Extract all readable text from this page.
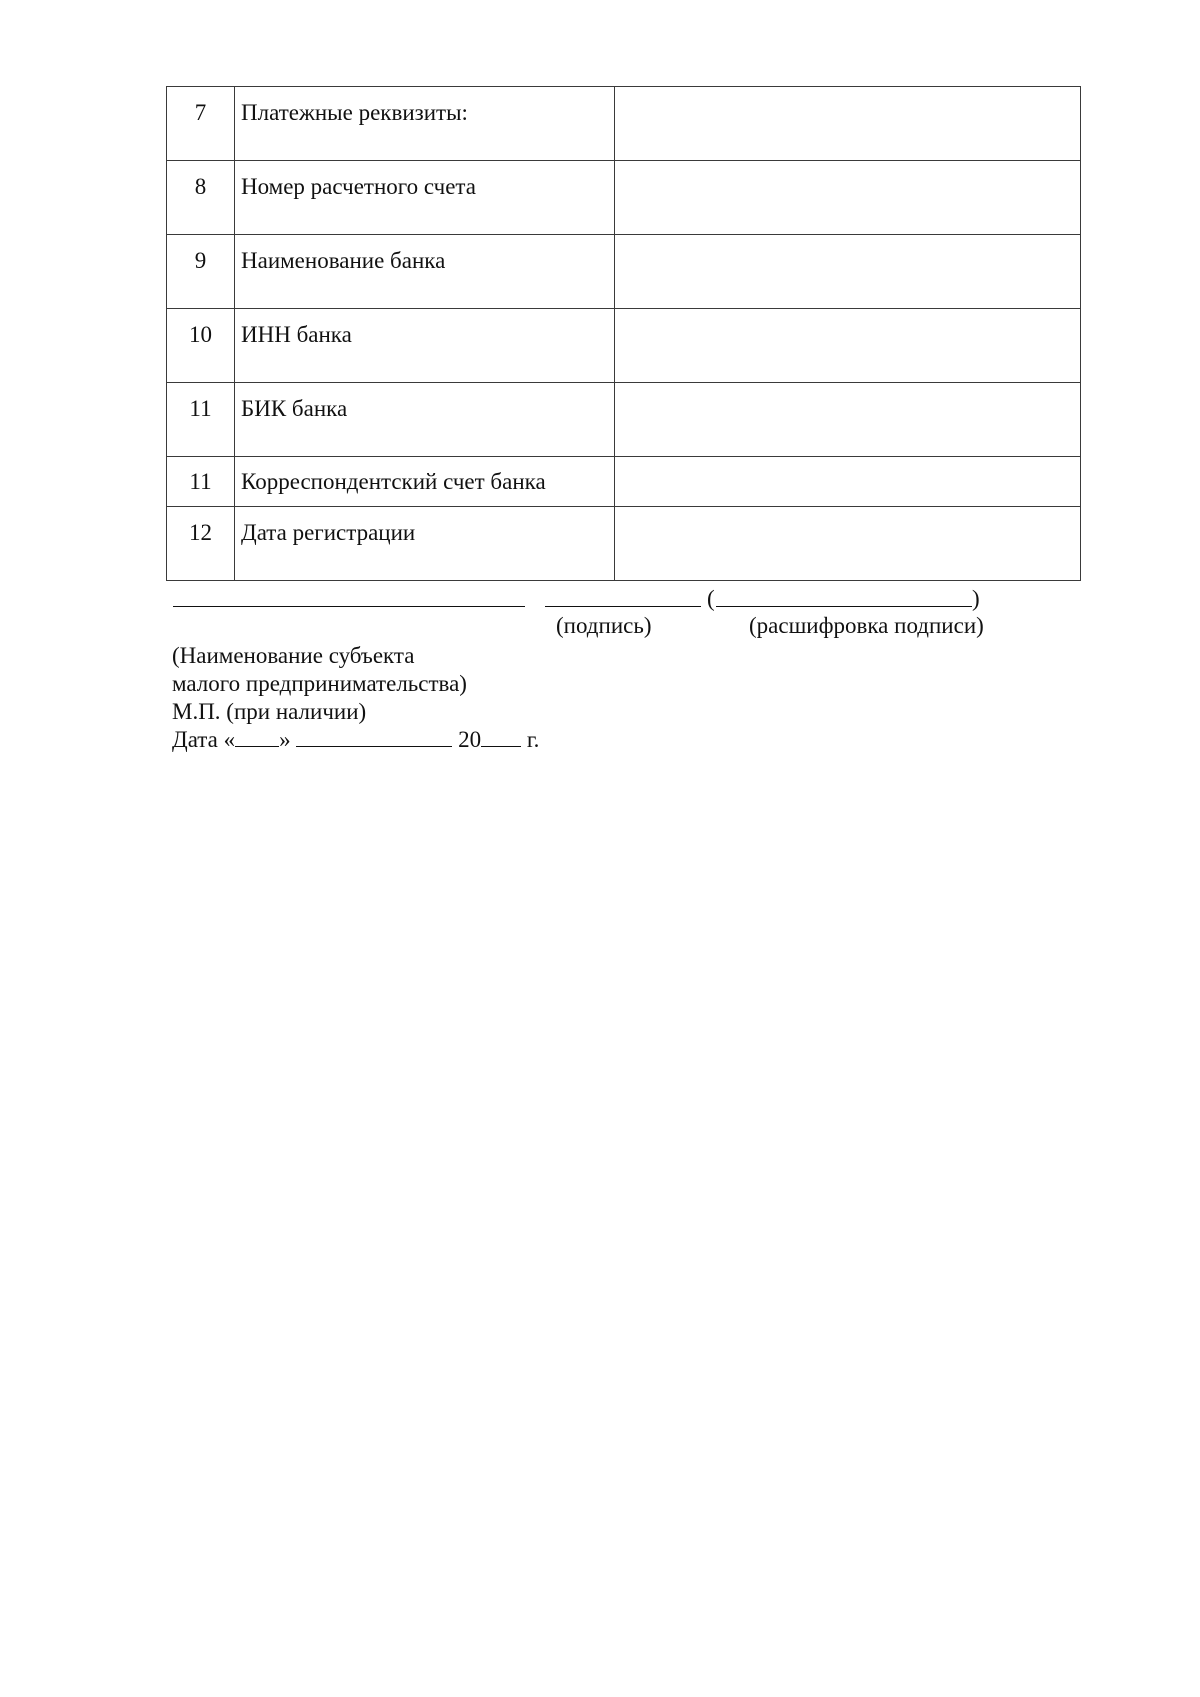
7	Платежные реквизиты:	
8	Номер расчетного счета	
9	Наименование банка	
10	ИНН банка	
11	БИК банка	
11	Корреспондентский счет банка	
12	Дата регистрации	
(	)
(подпись)	(расшифровка подписи)
(Наименование субъекта
малого предпринимательства)
М.П. (при наличии)
Дата « »	20 г.
